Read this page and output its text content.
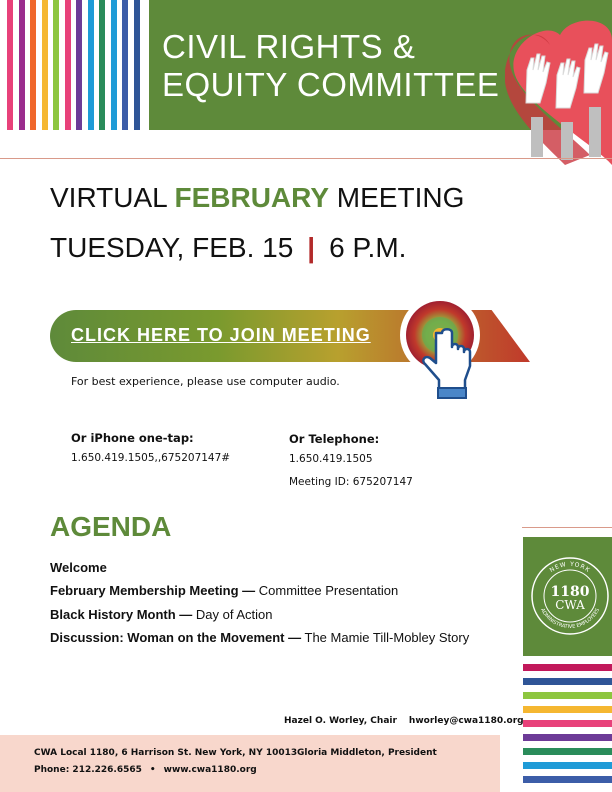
CIVIL RIGHTS &
EQUITY COMMITTEE
VIRTUAL FEBRUARY MEETING
TUESDAY, FEB. 15 | 6 P.M.
CLICK HERE TO JOIN MEETING
For best experience, please use computer audio.
Or iPhone one-tap:
1.650.419.1505,,675207147#
Or Telephone:
1.650.419.1505
Meeting ID: 675207147
AGENDA
Welcome
February Membership Meeting — Committee Presentation
Black History Month — Day of Action
Discussion: Woman on the Movement — The Mamie Till-Mobley Story
NEW YORK
ADMINISTRATIVE EMPLOYEES
1180
CWA
Hazel O. Worley, Chair hworley@cwa1180.org
CWA Local 1180, 6 Harrison St. New York, NY 10013 Gloria Middleton, President
Phone: 212.226.6565 • www.cwa1180.org
